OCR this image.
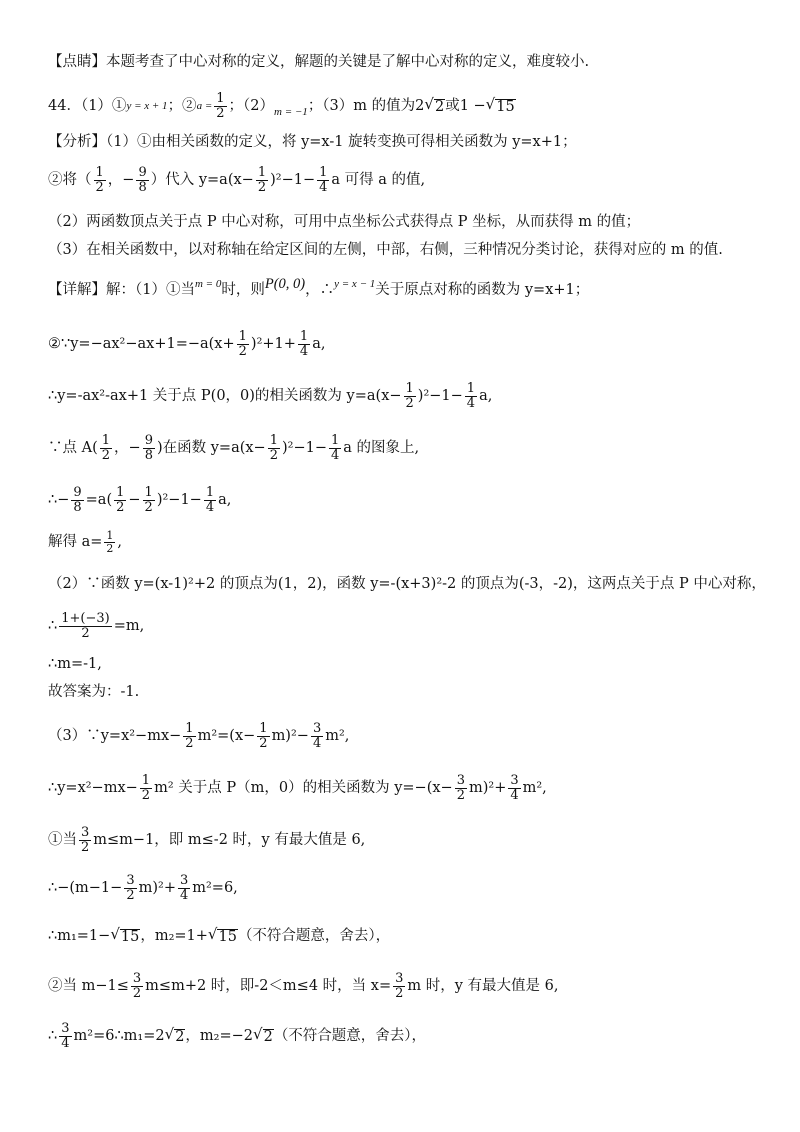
【点睛】本题考查了中心对称的定义，解题的关键是了解中心对称的定义，难度较小.
44．（1）①y = x + 1；②a = $\frac{1}{2}$ ；$(2)_{m = -1}$；（3）m 的值为2 √ 2 或1 − √ 15
【分析】（1）①由相关函数的定义，将 y=x-1 旋转变换可得相关函数为 y=x+1；
②将（ $\frac{1}{2}$ ，− $\frac{9}{8}$ ）代入 $y=a(x- \frac{1}{2} )^2-1- \frac{1}{4}$ a 可得 a 的值,
（2）两函数顶点关于点 P 中心对称，可用中点坐标公式获得点 P 坐标，从而获得 m 的值；
（3）在相关函数中，以对称轴在给定区间的左侧，中部，右侧，三种情况分类讨论，获得对应的 m 的值.
【详解】解：（1）①当$^{m = 0}$时，则P(0, 0)，∴$^{y = x - 1}$关于原点对称的函数为 y=x+1；
②∵y=−ax²−ax+1=−a(x+ $\frac{1}{2} )^2+1+ \frac{1}{4} a$,
∴y=-ax²-ax+1 关于点 P(0，0)的相关函数为 $y=a(x- \frac{1}{2} )^2-1- \frac{1}{4} a$,
∵点 $A( \frac{1}{2}$ ，− $\frac{9}{8}$ )在函数 $y=a(x- \frac{1}{2} )^2-1- \frac{1}{4}$ a 的图象上,
∴− $\frac{9}{8} =a( \frac{1}{2} - \frac{1}{2} )^2-1- \frac{1}{4} a$,
解得 $a= \frac{1}{2}$ ,
（2）∵函数 y=(x-1)²+2 的顶点为(1，2)，函数 y=-(x+3)²-2 的顶点为(-3，-2)，这两点关于点 P 中心对称，
∴ $\frac{1+(-3)}{2} =m$,
∴m=-1,
故答案为：-1.
（3）∵y=x²−mx− $\frac{1}{2} m^2=(x- \frac{1}{2} m)^2- \frac{3}{4} m^2$,
∴y=x²−mx− $\frac{1}{2} m^2$ 关于点 P（m，0）的相关函数为 $y=-(x- \frac{3}{2} m)^2+ \frac{3}{4} m^2$,
①当 $\frac{3}{2} m\le m-1$，即 m≤-2 时，y 有最大值是 6,
∴−(m−1− $\frac{3}{2} m)^2+ \frac{3}{4} m^2=6$,
∴m₁=1− √ 15 ，m₂=1+ √ 15 （不符合题意，舍去），
②当 $m-1\le \frac{3}{2} m\le m+2$ 时，即-2＜m≤4 时，当 $x= \frac{3}{2}$ m 时，y 有最大值是 6,
∴ $\frac{3}{4}$ m²=6∴m₁=2 √ 2 ，m₂=−2 √ 2 （不符合题意，舍去），
